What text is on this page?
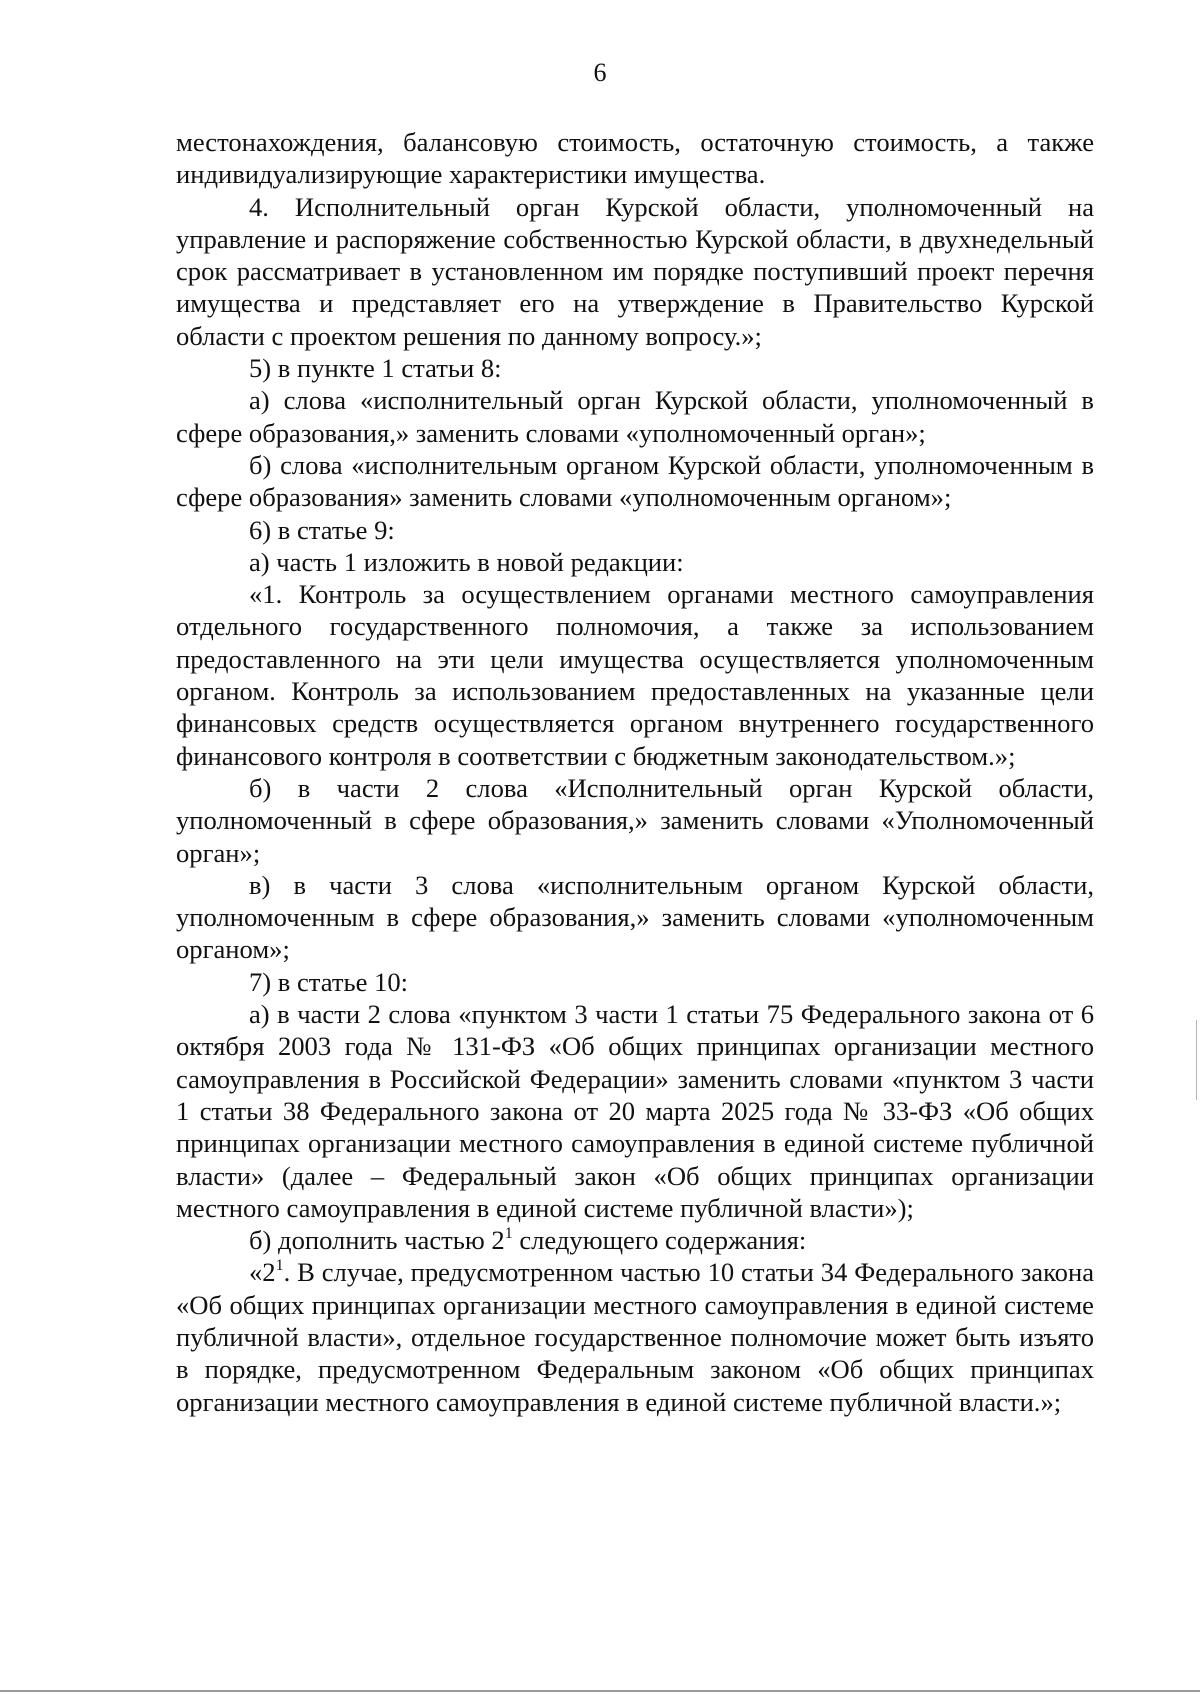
6

местонахождения, балансовую стоимость, остаточную стоимость, а также индивидуализирующие характеристики имущества.

4. Исполнительный орган Курской области, уполномоченный на управление и распоряжение собственностью Курской области, в двухнедельный срок рассматривает в установленном им порядке поступивший проект перечня имущества и представляет его на утверждение в Правительство Курской области с проектом решения по данному вопросу.»;

5) в пункте 1 статьи 8:

а) слова «исполнительный орган Курской области, уполномоченный в сфере образования,» заменить словами «уполномоченный орган»;

б) слова «исполнительным органом Курской области, уполномоченным в сфере образования» заменить словами «уполномоченным органом»;

6) в статье 9:

а) часть 1 изложить в новой редакции:

«1. Контроль за осуществлением органами местного самоуправления отдельного государственного полномочия, а также за использованием предоставленного на эти цели имущества осуществляется уполномоченным органом. Контроль за использованием предоставленных на указанные цели финансовых средств осуществляется органом внутреннего государственного финансового контроля в соответствии с бюджетным законодательством.»;

б) в части 2 слова «Исполнительный орган Курской области, уполномоченный в сфере образования,» заменить словами «Уполномоченный орган»;

в) в части 3 слова «исполнительным органом Курской области, уполномоченным в сфере образования,» заменить словами «уполномоченным органом»;

7) в статье 10:

а) в части 2 слова «пунктом 3 части 1 статьи 75 Федерального закона от 6 октября 2003 года № 131-ФЗ «Об общих принципах организации местного самоуправления в Российской Федерации» заменить словами «пунктом 3 части 1 статьи 38 Федерального закона от 20 марта 2025 года № 33-ФЗ «Об общих принципах организации местного самоуправления в единой системе публичной власти» (далее – Федеральный закон «Об общих принципах организации местного самоуправления в единой системе публичной власти»);

б) дополнить частью $2^1$ следующего содержания:

«$2^1$. В случае, предусмотренном частью 10 статьи 34 Федерального закона «Об общих принципах организации местного самоуправления в единой системе публичной власти», отдельное государственное полномочие может быть изъято в порядке, предусмотренном Федеральным законом «Об общих принципах организации местного самоуправления в единой системе публичной власти.»;
